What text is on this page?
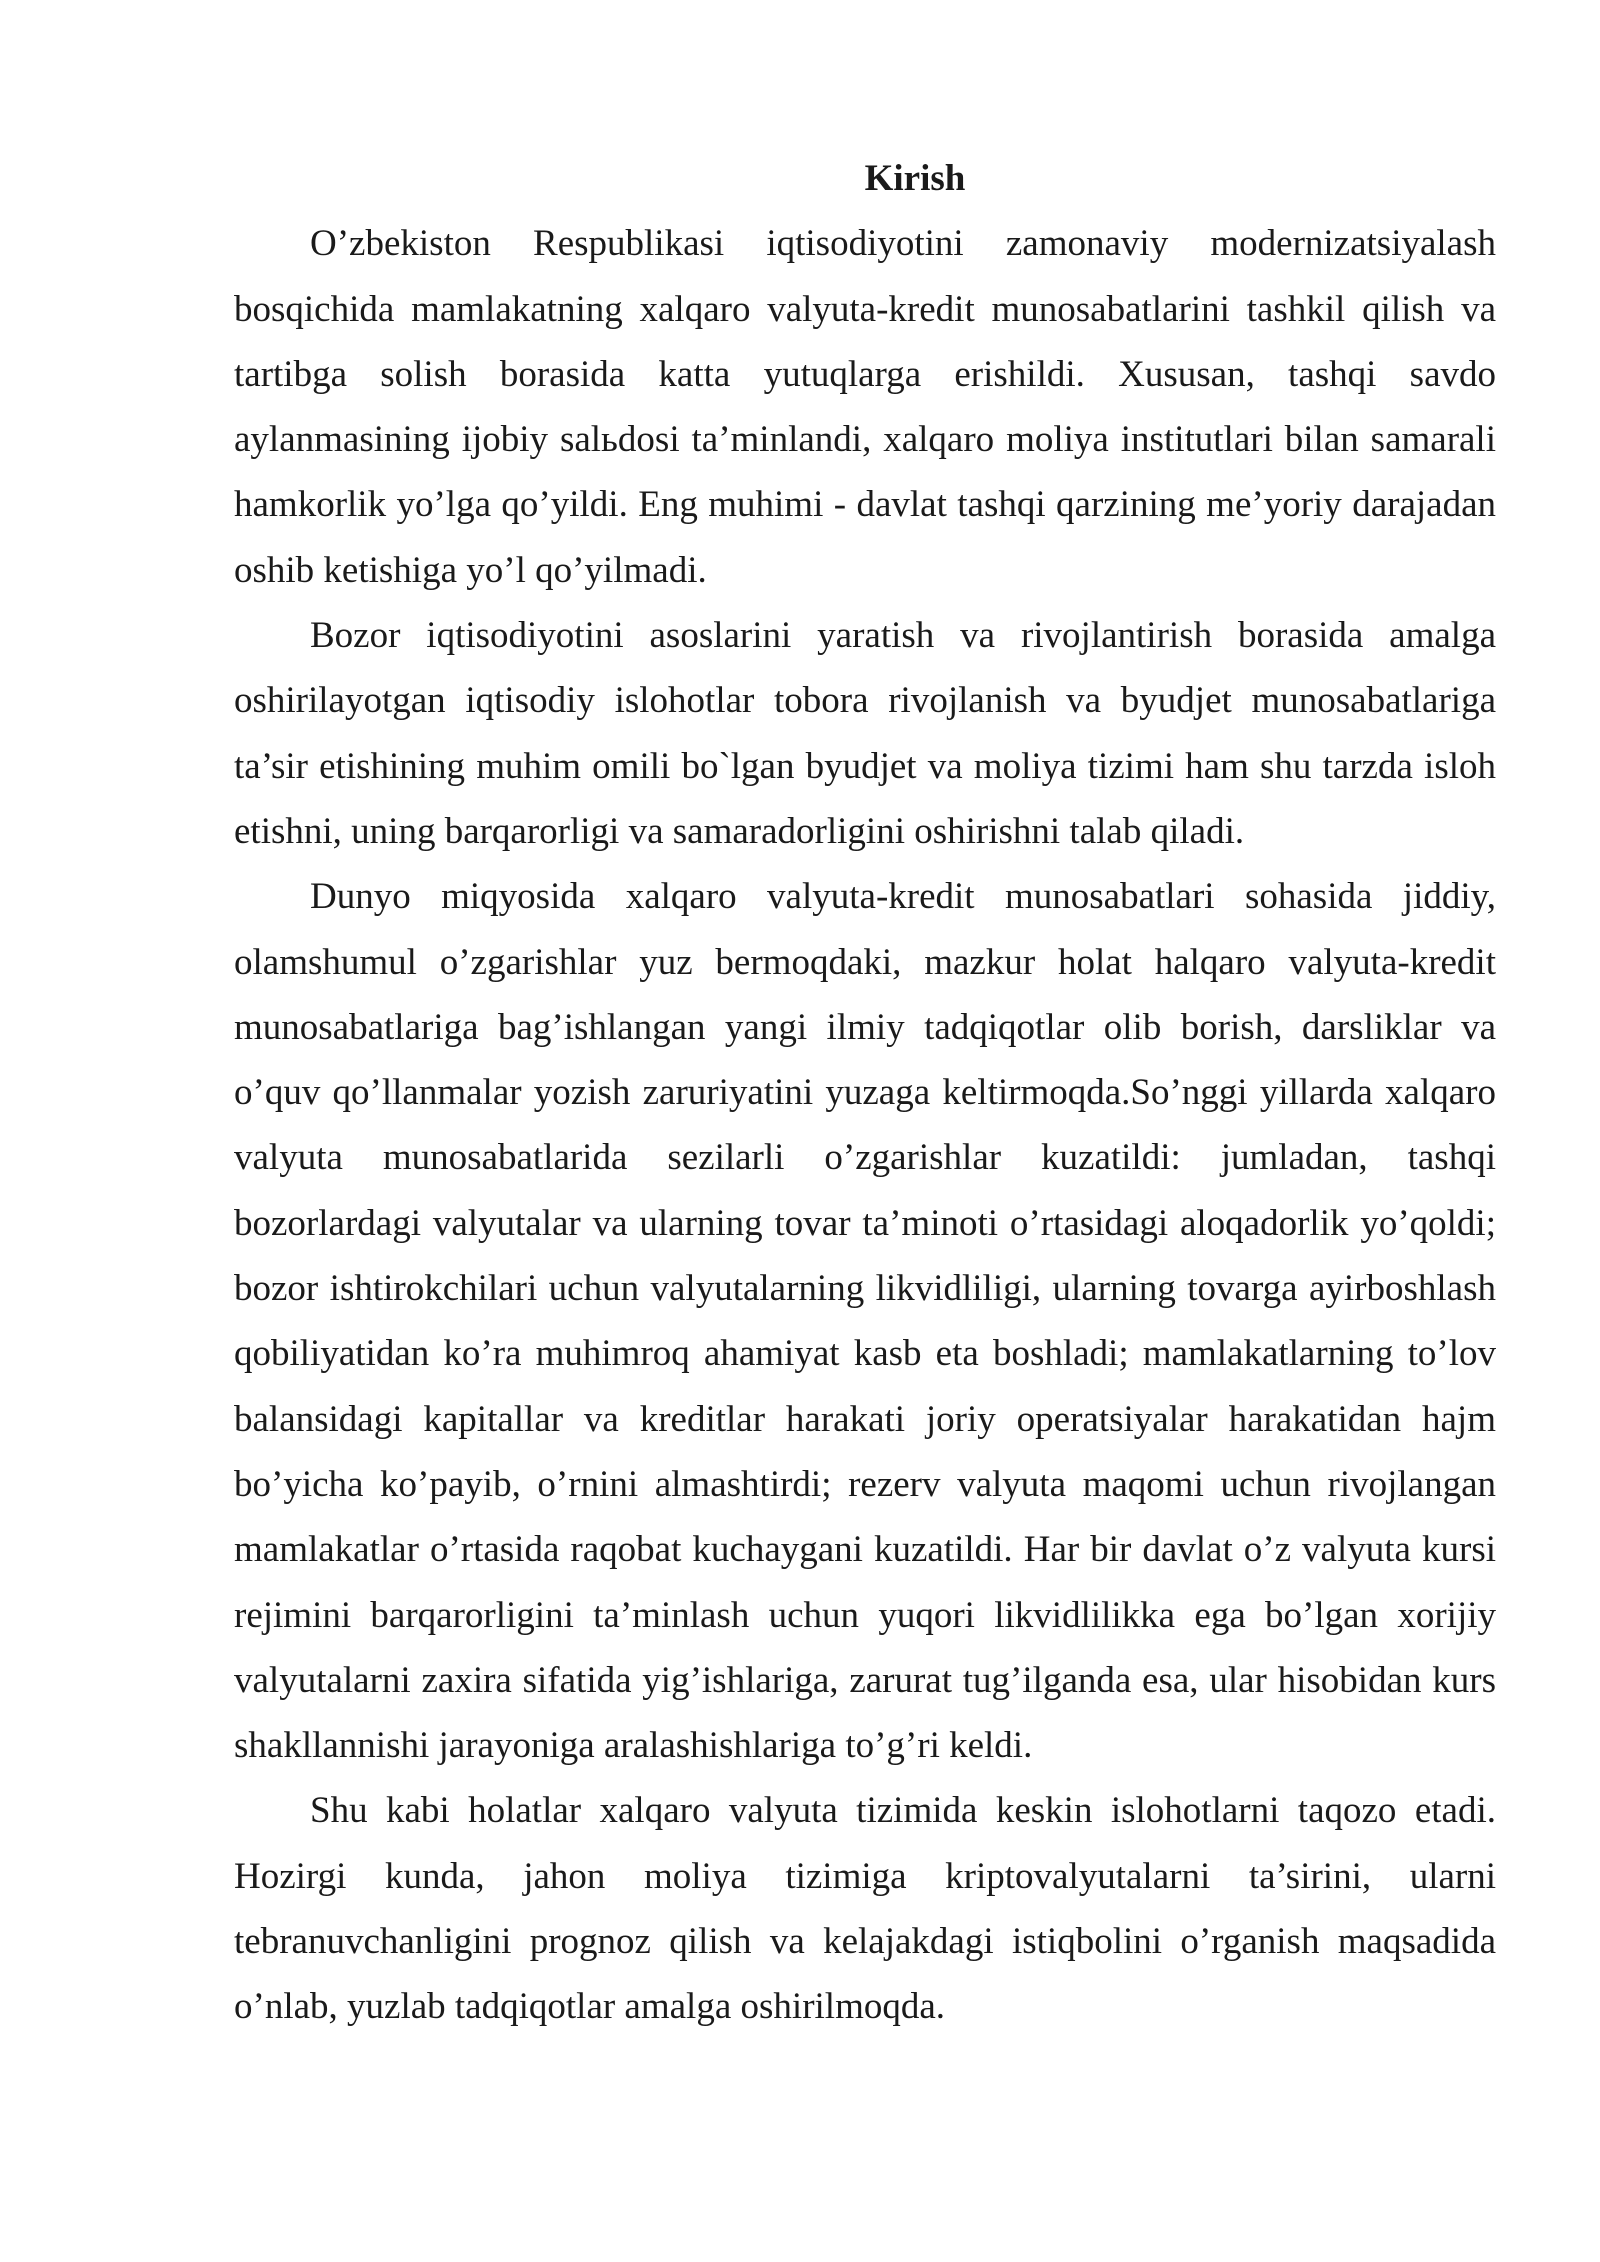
Kirish

O’zbekiston Respublikasi iqtisodiyotini zamonaviy modernizatsiyalash bosqichida mamlakatning xalqaro valyuta-kredit munosabatlarini tashkil qilish va tartibga solish borasida katta yutuqlarga erishildi. Xususan, tashqi savdo aylanmasining ijobiy salьdosi ta’minlandi, xalqaro moliya institutlari bilan samarali hamkorlik yo’lga qo’yildi. Eng muhimi - davlat tashqi qarzining me’yoriy darajadan oshib ketishiga yo’l qo’yilmadi.

Bozor iqtisodiyotini asoslarini yaratish va rivojlantirish borasida amalga oshirilayotgan iqtisodiy islohotlar tobora rivojlanish va byudjet munosabatlariga ta’sir etishining muhim omili bo`lgan byudjet va moliya tizimi ham shu tarzda isloh etishni, uning barqarorligi va samaradorligini oshirishni talab qiladi.

Dunyo miqyosida xalqaro valyuta-kredit munosabatlari sohasida jiddiy, olamshumul o’zgarishlar yuz bermoqdaki, mazkur holat halqaro valyuta-kredit munosabatlariga bag’ishlangan yangi ilmiy tadqiqotlar olib borish, darsliklar va o’quv qo’llanmalar yozish zaruriyatini yuzaga keltirmoqda.So’nggi yillarda xalqaro valyuta munosabatlarida sezilarli o’zgarishlar kuzatildi: jumladan, tashqi bozorlardagi valyutalar va ularning tovar ta’minoti o’rtasidagi aloqadorlik yo’qoldi; bozor ishtirokchilari uchun valyutalarning likvidliligi, ularning tovarga ayirboshlash qobiliyatidan ko’ra muhimroq ahamiyat kasb eta boshladi; mamlakatlarning to’lov balansidagi kapitallar va kreditlar harakati joriy operatsiyalar harakatidan hajm bo’yicha ko’payib, o’rnini almashtirdi; rezerv valyuta maqomi uchun rivojlangan mamlakatlar o’rtasida raqobat kuchaygani kuzatildi. Har bir davlat o’z valyuta kursi rejimini barqarorligini ta’minlash uchun yuqori likvidlilikka ega bo’lgan xorijiy valyutalarni zaxira sifatida yig’ishlariga, zarurat tug’ilganda esa, ular hisobidan kurs shakllannishi jarayoniga aralashishlariga to’g’ri keldi.

Shu kabi holatlar xalqaro valyuta tizimida keskin islohotlarni taqozo etadi. Hozirgi kunda, jahon moliya tizimiga kriptovalyutalarni ta’sirini, ularni tebranuvchanligini prognoz qilish va kelajakdagi istiqbolini o’rganish maqsadida o’nlab, yuzlab tadqiqotlar amalga oshirilmoqda.
